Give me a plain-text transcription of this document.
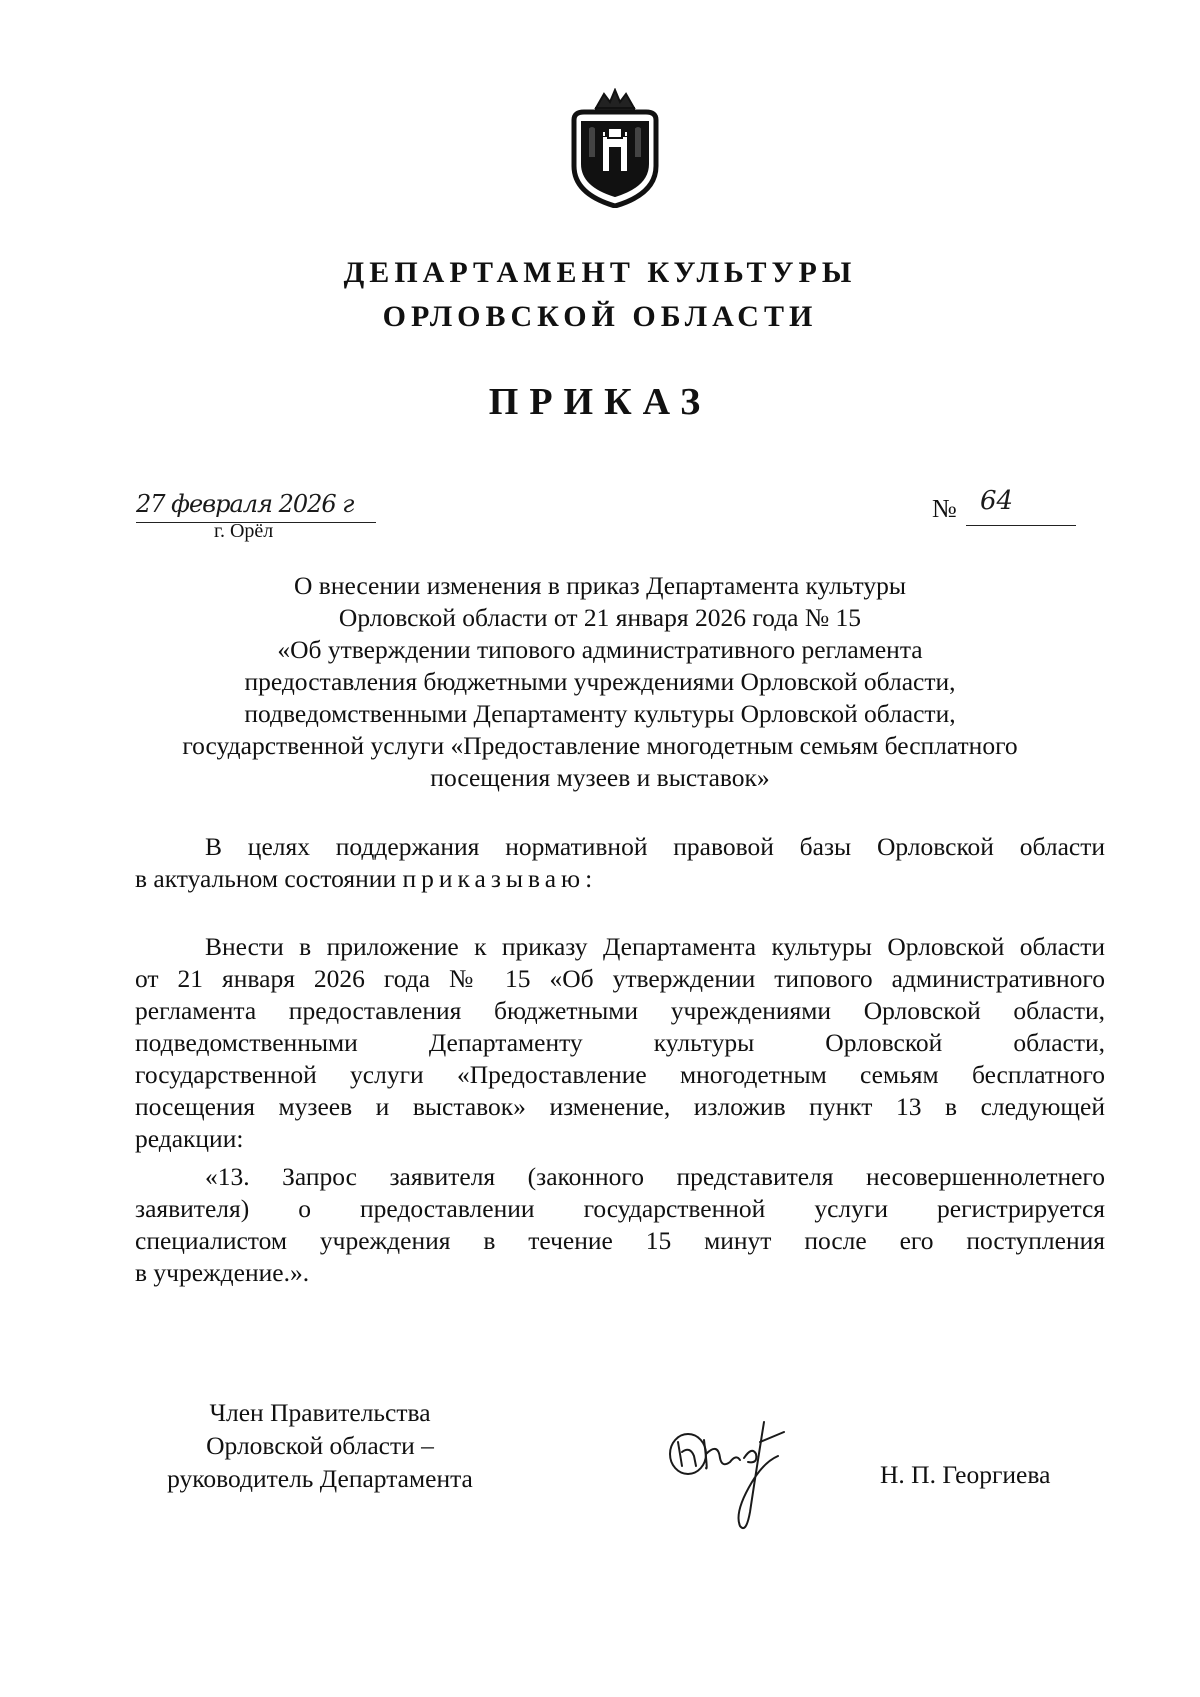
ДЕПАРТАМЕНТ КУЛЬТУРЫ
ОРЛОВСКОЙ ОБЛАСТИ
ПРИКАЗ
27 февраля 2026 г
г. Орёл
№ 64
О внесении изменения в приказ Департамента культуры
Орловской области от 21 января 2026 года № 15
«Об утверждении типового административного регламента
предоставления бюджетными учреждениями Орловской области,
подведомственными Департаменту культуры Орловской области,
государственной услуги «Предоставление многодетным семьям бесплатного
посещения музеев и выставок»
В целях поддержания нормативной правовой базы Орловской области
в актуальном состоянии приказываю:
Внести в приложение к приказу Департамента культуры Орловской области
от 21 января 2026 года № 15 «Об утверждении типового административного
регламента предоставления бюджетными учреждениями Орловской области,
подведомственными Департаменту культуры Орловской области,
государственной услуги «Предоставление многодетным семьям бесплатного
посещения музеев и выставок» изменение, изложив пункт 13 в следующей
редакции:
«13. Запрос заявителя (законного представителя несовершеннолетнего
заявителя) о предоставлении государственной услуги регистрируется
специалистом учреждения в течение 15 минут после его поступления
в учреждение.».
Член Правительства
Орловской области –
руководитель Департамента	Н. П. Георгиева
